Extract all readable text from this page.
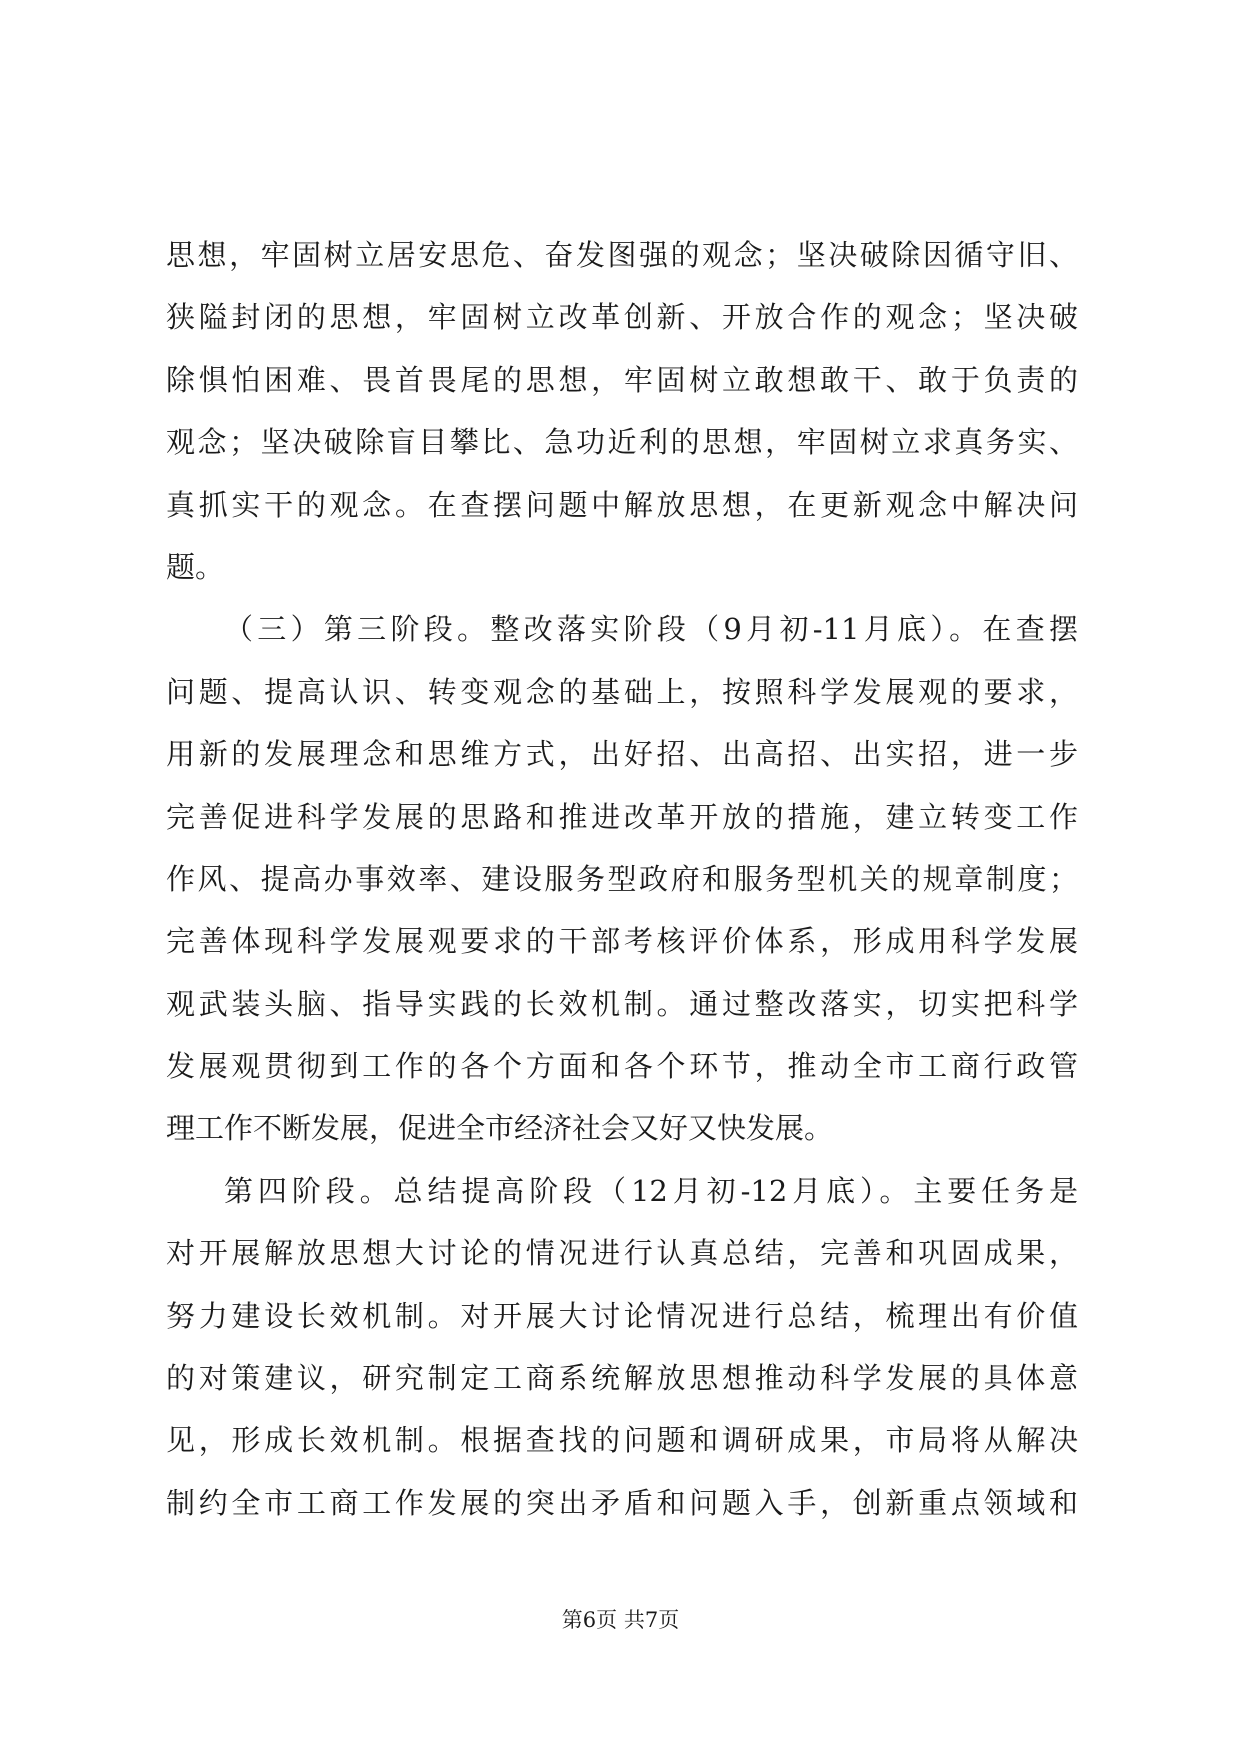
思想，牢固树立居安思危、奋发图强的观念；坚决破除因循守旧、
狭隘封闭的思想，牢固树立改革创新、开放合作的观念；坚决破
除惧怕困难、畏首畏尾的思想，牢固树立敢想敢干、敢于负责的
观念；坚决破除盲目攀比、急功近利的思想，牢固树立求真务实、
真抓实干的观念。在查摆问题中解放思想，在更新观念中解决问
题。
（三）第三阶段。整改落实阶段（9月初-11月底）。在查摆
问题、提高认识、转变观念的基础上，按照科学发展观的要求，
用新的发展理念和思维方式，出好招、出高招、出实招，进一步
完善促进科学发展的思路和推进改革开放的措施，建立转变工作
作风、提高办事效率、建设服务型政府和服务型机关的规章制度；
完善体现科学发展观要求的干部考核评价体系，形成用科学发展
观武装头脑、指导实践的长效机制。通过整改落实，切实把科学
发展观贯彻到工作的各个方面和各个环节，推动全市工商行政管
理工作不断发展，促进全市经济社会又好又快发展。
第四阶段。总结提高阶段（12月初-12月底）。主要任务是
对开展解放思想大讨论的情况进行认真总结，完善和巩固成果，
努力建设长效机制。对开展大讨论情况进行总结，梳理出有价值
的对策建议，研究制定工商系统解放思想推动科学发展的具体意
见，形成长效机制。根据查找的问题和调研成果，市局将从解决
制约全市工商工作发展的突出矛盾和问题入手，创新重点领域和
第6页 共7页
